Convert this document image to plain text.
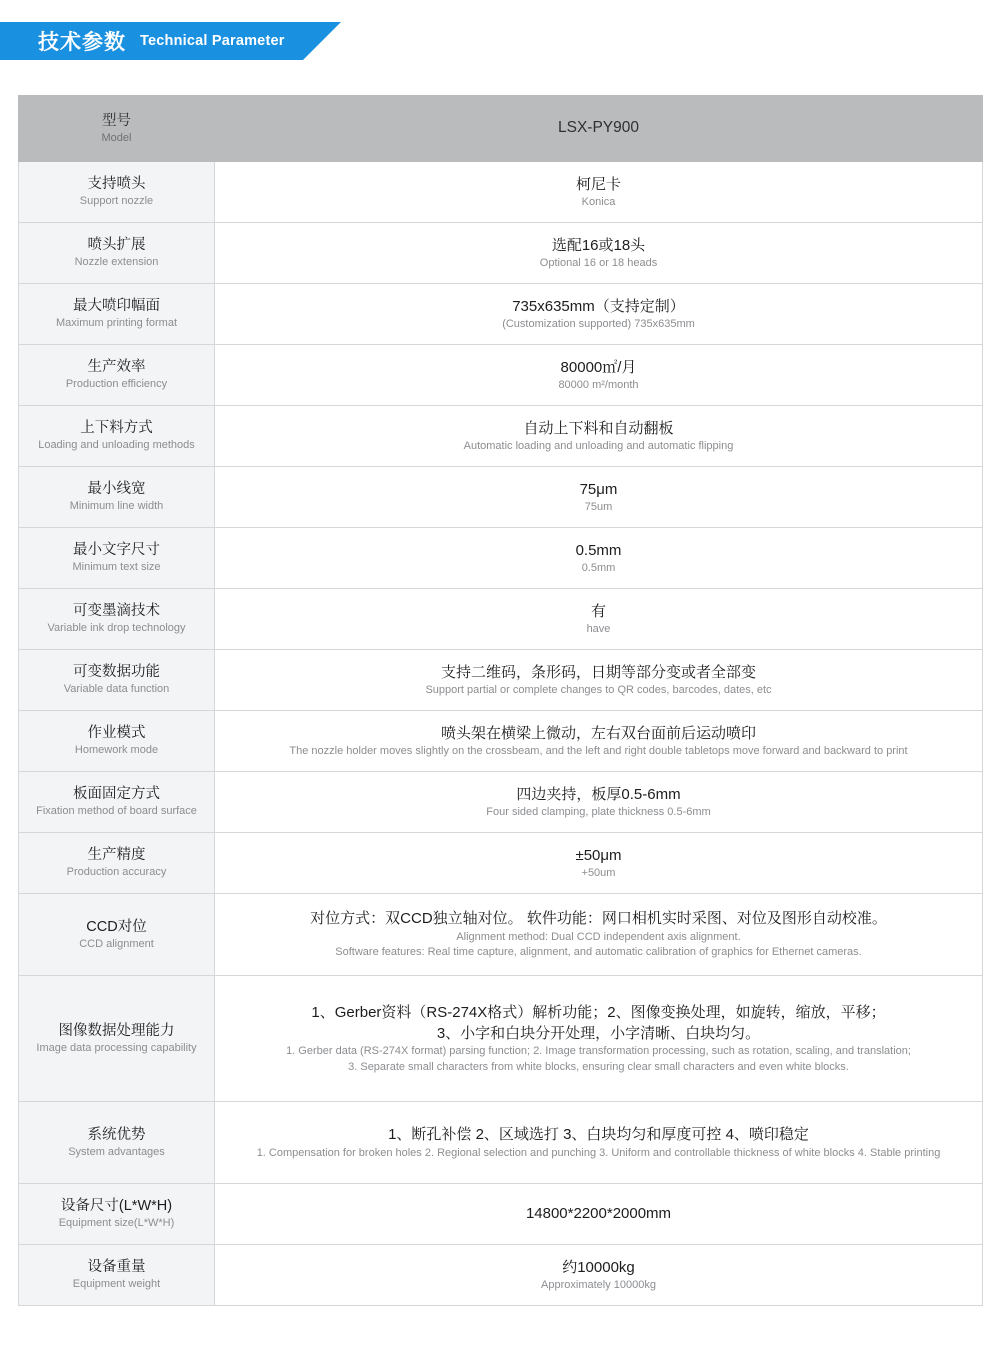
技术参数 Technical Parameter
型号
Model	LSX-PY900

支持喷头
Support nozzle	柯尼卡
Konica

喷头扩展
Nozzle extension	选配16或18头
Optional 16 or 18 heads

最大喷印幅面
Maximum printing format	735x635mm（支持定制）
(Customization supported) 735x635mm

生产效率
Production efficiency	80000㎡/月
80000 m²/month

上下料方式
Loading and unloading methods	自动上下料和自动翻板
Automatic loading and unloading and automatic flipping

最小线宽
Minimum line width	75μm
75um

最小文字尺寸
Minimum text size	0.5mm
0.5mm

可变墨滴技术
Variable ink drop technology	有
have

可变数据功能
Variable data function	支持二维码，条形码，日期等部分变或者全部变
Support partial or complete changes to QR codes, barcodes, dates, etc

作业模式
Homework mode	喷头架在横梁上微动，左右双台面前后运动喷印
The nozzle holder moves slightly on the crossbeam, and the left and right double tabletops move forward and backward to print

板面固定方式
Fixation method of board surface	四边夹持，板厚0.5-6mm
Four sided clamping, plate thickness 0.5-6mm

生产精度
Production accuracy	±50μm
+50um

CCD对位
CCD alignment	对位方式：双CCD独立轴对位。 软件功能：网口相机实时采图、对位及图形自动校准。
Alignment method: Dual CCD independent axis alignment.
Software features: Real time capture, alignment, and automatic calibration of graphics for Ethernet cameras.

图像数据处理能力
Image data processing capability	1、Gerber资料（RS-274X格式）解析功能；2、图像变换处理，如旋转，缩放，平移；
3、小字和白块分开处理，小字清晰、白块均匀。
1. Gerber data (RS-274X format) parsing function; 2. Image transformation processing, such as rotation, scaling, and translation;
3. Separate small characters from white blocks, ensuring clear small characters and even white blocks.

系统优势
System advantages	1、断孔补偿 2、区域选打 3、白块均匀和厚度可控 4、喷印稳定
1. Compensation for broken holes 2. Regional selection and punching 3. Uniform and controllable thickness of white blocks 4. Stable printing

设备尺寸(L*W*H)
Equipment size(L*W*H)	14800*2200*2000mm

设备重量
Equipment weight	约10000kg
Approximately 10000kg
